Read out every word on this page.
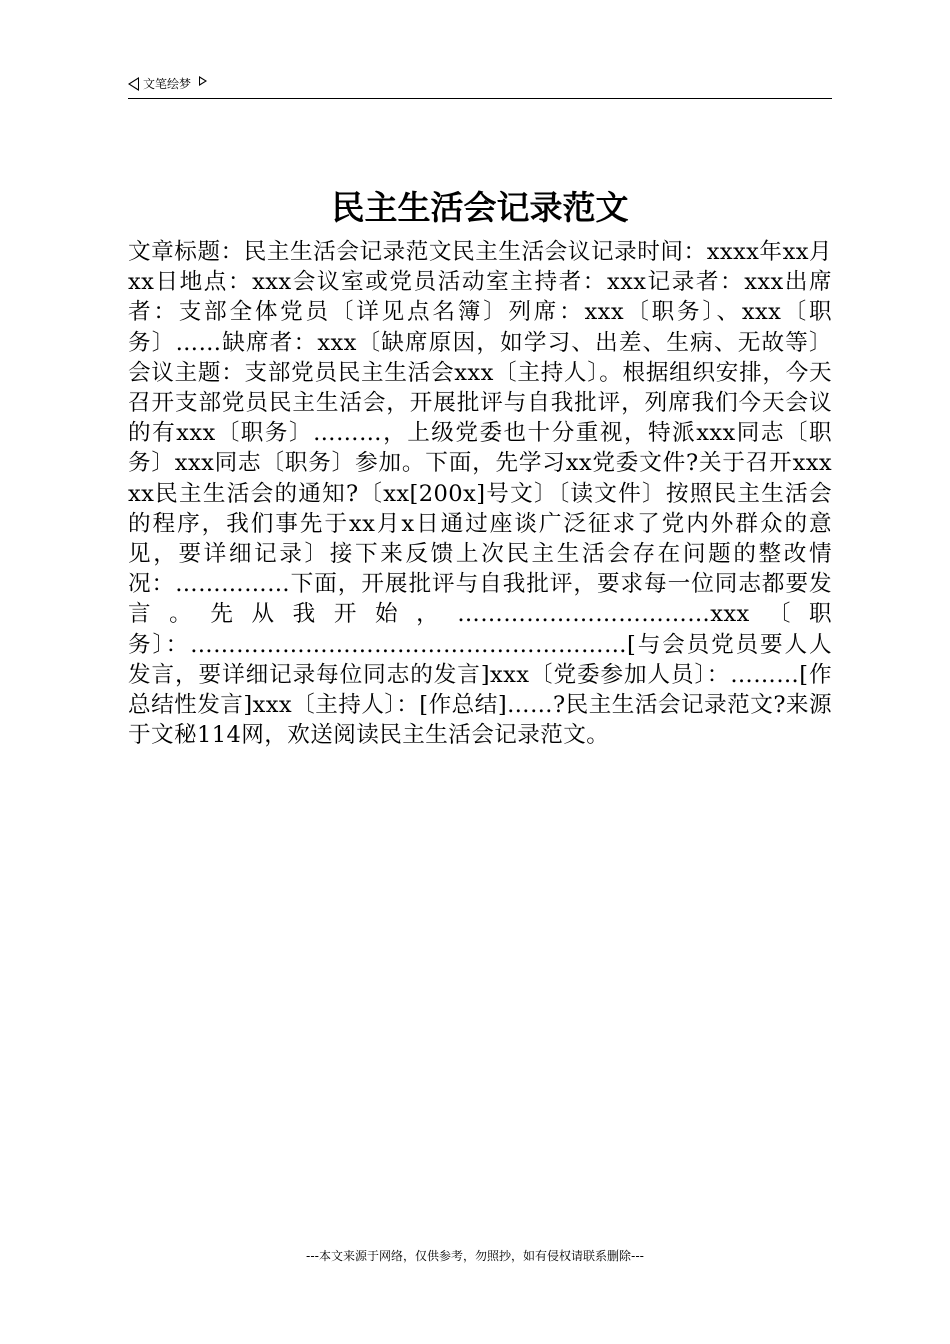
文笔绘梦
民主生活会记录范文

文章标题：民主生活会记录范文民主生活会议记录时间：xxxx年xx月xx日地点：xxx会议室或党员活动室主持者：xxx记录者：xxx出席者：支部全体党员〔详见点名簿〕列席：xxx〔职务〕、xxx〔职务〕……缺席者：xxx〔缺席原因，如学习、出差、生病、无故等〕会议主题：支部党员民主生活会xxx〔主持人〕。根据组织安排，今天召开支部党员民主生活会，开展批评与自我批评，列席我们今天会议的有xxx〔职务〕………，上级党委也十分重视，特派xxx同志〔职务〕xxx同志〔职务〕参加。下面，先学习xx党委文件?关于召开xxxxx民主生活会的通知?〔xx[200x]号文〕〔读文件〕按照民主生活会的程序，我们事先于xx月x日通过座谈广泛征求了党内外群众的意见，要详细记录〕接下来反馈上次民主生活会存在问题的整改情况：……………下面，开展批评与自我批评，要求每一位同志都要发言。先从我开始，……………………………xxx〔职务〕：…………………………………………………[与会员党员要人人发言，要详细记录每位同志的发言]xxx〔党委参加人员〕：………[作总结性发言]xxx〔主持人〕：[作总结]……?民主生活会记录范文?来源于文秘114网，欢送阅读民主生活会记录范文。

---本文来源于网络，仅供参考，勿照抄，如有侵权请联系删除---
